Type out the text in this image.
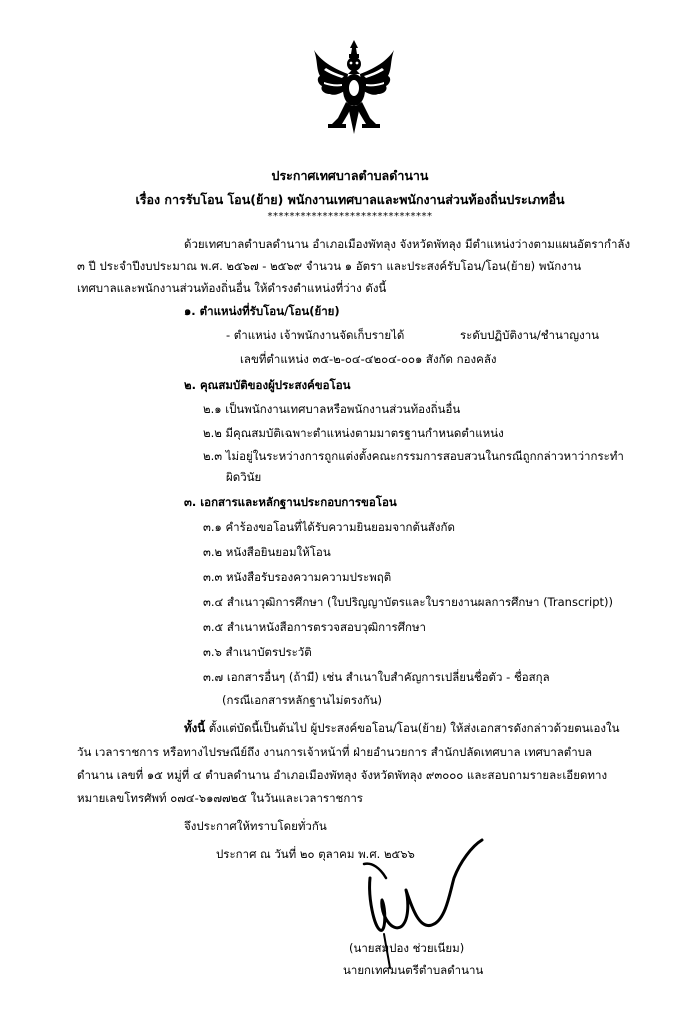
ประกาศเทศบาลตำบลดำนาน
เรื่อง การรับโอน โอน(ย้าย) พนักงานเทศบาลและพนักงานส่วนท้องถิ่นประเภทอื่น
******************************
ด้วยเทศบาลตำบลดำนาน อำเภอเมืองพัทลุง จังหวัดพัทลุง มีตำแหน่งว่างตามแผนอัตรากำลัง
๓ ปี ประจำปีงบประมาณ พ.ศ. ๒๕๖๗ - ๒๕๖๙ จำนวน ๑ อัตรา และประสงค์รับโอน/โอน(ย้าย) พนักงาน
เทศบาลและพนักงานส่วนท้องถิ่นอื่น ให้ดำรงตำแหน่งที่ว่าง ดังนี้
๑. ตำแหน่งที่รับโอน/โอน(ย้าย)
- ตำแหน่ง เจ้าพนักงานจัดเก็บรายได้	ระดับปฏิบัติงาน/ชำนาญงาน
เลขที่ตำแหน่ง ๓๕-๒-๐๔-๔๒๐๔-๐๐๑ สังกัด กองคลัง
๒. คุณสมบัติของผู้ประสงค์ขอโอน
๒.๑ เป็นพนักงานเทศบาลหรือพนักงานส่วนท้องถิ่นอื่น
๒.๒ มีคุณสมบัติเฉพาะตำแหน่งตามมาตรฐานกำหนดตำแหน่ง
๒.๓ ไม่อยู่ในระหว่างการถูกแต่งตั้งคณะกรรมการสอบสวนในกรณีถูกกล่าวหาว่ากระทำ
ผิดวินัย
๓. เอกสารและหลักฐานประกอบการขอโอน
๓.๑ คำร้องขอโอนที่ได้รับความยินยอมจากต้นสังกัด
๓.๒ หนังสือยินยอมให้โอน
๓.๓ หนังสือรับรองความความประพฤติ
๓.๔ สำเนาวุฒิการศึกษา (ใบปริญญาบัตรและใบรายงานผลการศึกษา (Transcript))
๓.๕ สำเนาหนังสือการตรวจสอบวุฒิการศึกษา
๓.๖ สำเนาบัตรประวัติ
๓.๗ เอกสารอื่นๆ (ถ้ามี) เช่น สำเนาใบสำคัญการเปลี่ยนชื่อตัว - ชื่อสกุล
(กรณีเอกสารหลักฐานไม่ตรงกัน)
ทั้งนี้ ตั้งแต่บัดนี้เป็นต้นไป ผู้ประสงค์ขอโอน/โอน(ย้าย) ให้ส่งเอกสารดังกล่าวด้วยตนเองใน
วัน เวลาราชการ หรือทางไปรษณีย์ถึง งานการเจ้าหน้าที่ ฝ่ายอำนวยการ สำนักปลัดเทศบาล เทศบาลตำบล
ดำนาน เลขที่ ๑๕ หมู่ที่ ๔ ตำบลดำนาน อำเภอเมืองพัทลุง จังหวัดพัทลุง ๙๓๐๐๐ และสอบถามรายละเอียดทาง
หมายเลขโทรศัพท์ ๐๗๔-๖๑๗๗๒๕ ในวันและเวลาราชการ
จึงประกาศให้ทราบโดยทั่วกัน
ประกาศ ณ วันที่ ๒๐ ตุลาคม พ.ศ. ๒๕๖๖
(นายสมปอง ช่วยเนียม)
นายกเทศมนตรีตำบลดำนาน
